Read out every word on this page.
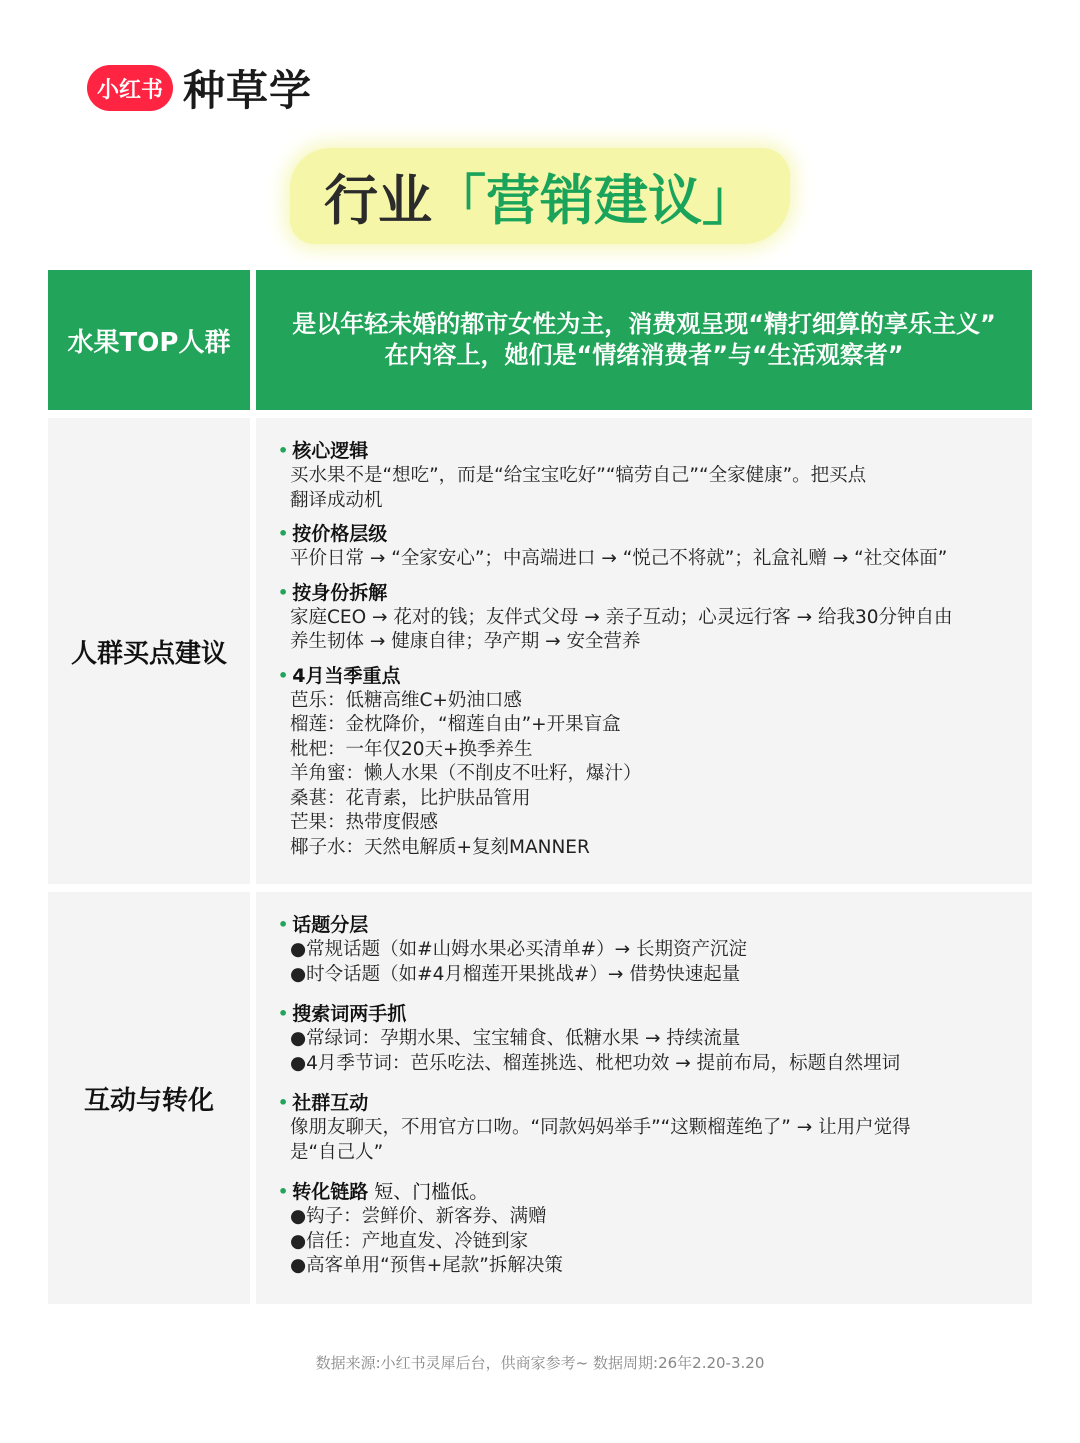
小红书 种草学
行业 「营销建议」
水果TOP人群
是以年轻未婚的都市女性为主，消费观呈现“精打细算的享乐主义”
在内容上，她们是“情绪消费者”与“生活观察者”
人群买点建议
• 核心逻辑
买水果不是“想吃”，而是“给宝宝吃好”“犒劳自己”“全家健康”。把买点
翻译成动机
• 按价格层级
平价日常 → “全家安心”；中高端进口 → “悦己不将就”；礼盒礼赠 → “社交体面”
• 按身份拆解
家庭CEO → 花对的钱；友伴式父母 → 亲子互动；心灵远行客 → 给我30分钟自由
养生韧体 → 健康自律；孕产期 → 安全营养
• 4月当季重点
芭乐：低糖高维C+奶油口感
榴莲：金枕降价，“榴莲自由”+开果盲盒
枇杷：一年仅20天+换季养生
羊角蜜：懒人水果（不削皮不吐籽，爆汁）
桑葚：花青素，比护肤品管用
芒果：热带度假感
椰子水：天然电解质+复刻MANNER
互动与转化
• 话题分层
●常规话题（如#山姆水果必买清单#）→ 长期资产沉淀
●时令话题（如#4月榴莲开果挑战#）→ 借势快速起量
• 搜索词两手抓
●常绿词：孕期水果、宝宝辅食、低糖水果 → 持续流量
●4月季节词：芭乐吃法、榴莲挑选、枇杷功效 → 提前布局，标题自然埋词
• 社群互动
像朋友聊天，不用官方口吻。“同款妈妈举手”“这颗榴莲绝了” → 让用户觉得
是“自己人”
• 转化链路 短、门槛低。
●钩子：尝鲜价、新客券、满赠
●信任：产地直发、冷链到家
●高客单用“预售+尾款”拆解决策
数据来源:小红书灵犀后台，供商家参考~ 数据周期:26年2.20-3.20
